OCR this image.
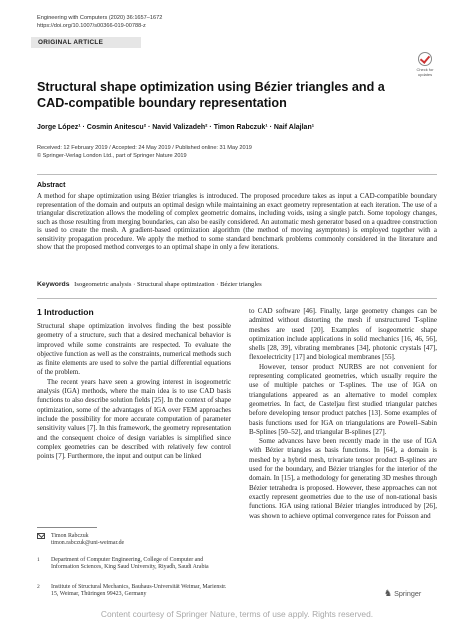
Engineering with Computers (2020) 36:1657–1672
https://doi.org/10.1007/s00366-019-00788-z
ORIGINAL ARTICLE
Check for updates
Structural shape optimization using Bézier triangles and a CAD-compatible boundary representation
Jorge López¹ · Cosmin Anitescu² · Navid Valizadeh² · Timon Rabczuk¹ · Naif Alajlan¹
Received: 12 February 2019 / Accepted: 24 May 2019 / Published online: 31 May 2019
© Springer-Verlag London Ltd., part of Springer Nature 2019
Abstract
A method for shape optimization using Bézier triangles is introduced. The proposed procedure takes as input a CAD-compatible boundary representation of the domain and outputs an optimal design while maintaining an exact geometry representation at each iteration. The use of a triangular discretization allows the modeling of complex geometric domains, including voids, using a single patch. Some topology changes, such as those resulting from merging boundaries, can also be easily considered. An automatic mesh generator based on a quadtree construction is used to create the mesh. A gradient-based optimization algorithm (the method of moving asymptotes) is employed together with a sensitivity propagation procedure. We apply the method to some standard benchmark problems commonly considered in the literature and show that the proposed method converges to an optimal shape in only a few iterations.
Keywords Isogeometric analysis · Structural shape optimization · Bézier triangles
1 Introduction

Structural shape optimization involves finding the best possible geometry of a structure, such that a desired mechanical behavior is improved while some constraints are respected. To evaluate the objective function as well as the constraints, numerical methods such as finite elements are used to solve the partial differential equations of the problem.

The recent years have seen a growing interest in isogeometric analysis (IGA) methods, where the main idea is to use CAD basis functions to also describe solution fields [25]. In the context of shape optimization, some of the advantages of IGA over FEM approaches include the possibility for more accurate computation of parameter sensitivity values [7]. In this framework, the geometry representation and the consequent choice of design variables is simplified since complex geometries can be described with relatively few control points [7]. Furthermore, the input and output can be linked

to CAD software [46]. Finally, large geometry changes can be admitted without distorting the mesh if unstructured T-spline meshes are used [20]. Examples of isogeometric shape optimization include applications in solid mechanics [16, 46, 56], shells [28, 39], vibrating membranes [34], photonic crystals [47], flexoelectricity [17] and biological membranes [55].

However, tensor product NURBS are not convenient for representing complicated geometries, which usually require the use of multiple patches or T-splines. The use of IGA on triangulations appeared as an alternative to model complex geometries. In fact, de Casteljau first studied triangular patches before developing tensor product patches [13]. Some examples of basis functions used for IGA on triangulations are Powell–Sabin B-Splines [50–52], and triangular B-splines [27].

Some advances have been recently made in the use of IGA with Bézier triangles as basis functions. In [64], a domain is meshed by a hybrid mesh, trivariate tensor product B-splines are used for the boundary, and Bézier triangles for the interior of the domain. In [15], a methodology for generating 3D meshes through Bézier tetrahedra is proposed. However, these approaches can not exactly represent geometries due to the use of non-rational basis functions. IGA using rational Bézier triangles introduced by [26], was shown to achieve optimal convergence rates for Poisson and

Timon Rabczuk
timon.rabczuk@uni-weimar.de
1 Department of Computer Engineering, College of Computer and Information Sciences, King Saud University, Riyadh, Saudi Arabia
2 Institute of Structural Mechanics, Bauhaus-Universität Weimar, Marienstr. 15, Weimar, Thüringen 99423, Germany	♞ Springer
Content courtesy of Springer Nature, terms of use apply. Rights reserved.
